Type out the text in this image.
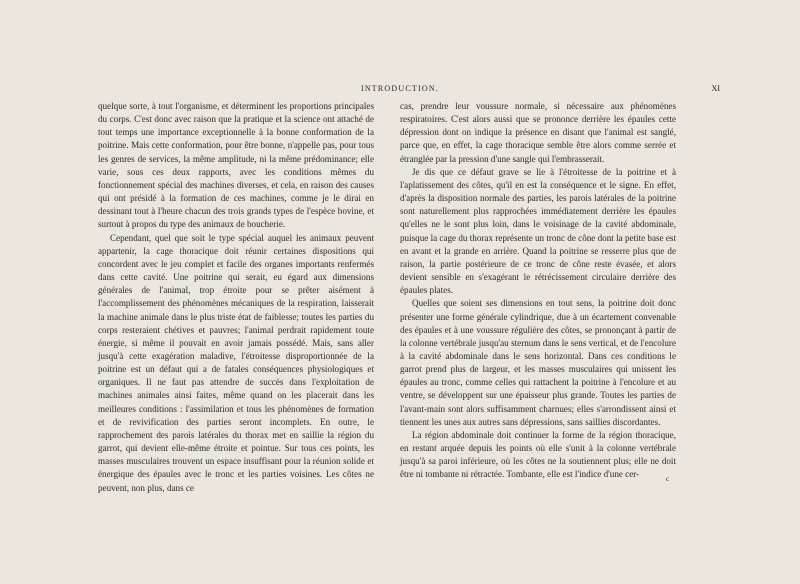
INTRODUCTION.	XI

quelque sorte, à tout l'organisme, et déterminent les proportions principales du corps. C'est donc avec raison que la pratique et la science ont attaché de tout temps une importance exceptionnelle à la bonne conformation de la poitrine. Mais cette conformation, pour être bonne, n'appelle pas, pour tous les genres de services, la même amplitude, ni la même prédominance; elle varie, sous ces deux rapports, avec les conditions mêmes du fonctionnement spécial des machines diverses, et cela, en raison des causes qui ont présidé à la formation de ces machines, comme je le dirai en dessinant tout à l'heure chacun des trois grands types de l'espèce bovine, et surtout à propos du type des animaux de boucherie.

Cependant, quel que soit le type spécial auquel les animaux peuvent appartenir, la cage thoracique doit réunir certaines dispositions qui concordent avec le jeu complet et facile des organes importants renfermés dans cette cavité. Une poitrine qui serait, eu égard aux dimensions générales de l'animal, trop étroite pour se prêter aisément à l'accomplissement des phénomènes mécaniques de la respiration, laisserait la machine animale dans le plus triste état de faiblesse; toutes les parties du corps resteraient chétives et pauvres; l'animal perdrait rapidement toute énergie, si même il pouvait en avoir jamais possédé. Mais, sans aller jusqu'à cette exagération maladive, l'étroitesse disproportionnée de la poitrine est un défaut qui a de fatales conséquences physiologiques et organiques. Il ne faut pas attendre de succès dans l'exploitation de machines animales ainsi faites, même quand on les placerait dans les meilleures conditions : l'assimilation et tous les phénomènes de formation et de revivification des parties seront incomplets. En outre, le rapprochement des parois latérales du thorax met en saillie la région du garrot, qui devient elle-même étroite et pointue. Sur tous ces points, les masses musculaires trouvent un espace insuffisant pour la réunion solide et énergique des épaules avec le tronc et les parties voisines. Les côtes ne peuvent, non plus, dans ce

cas, prendre leur voussure normale, si nécessaire aux phénomènes respiratoires. C'est alors aussi que se prononce derrière les épaules cette dépression dont on indique la présence en disant que l'animal est sanglé, parce que, en effet, la cage thoracique semble être alors comme serrée et étranglée par la pression d'une sangle qui l'embrasserait.

Je dis que ce défaut grave se lie à l'étroitesse de la poitrine et à l'aplatissement des côtes, qu'il en est la conséquence et le signe. En effet, d'après la disposition normale des parties, les parois latérales de la poitrine sont naturellement plus rapprochées immédiatement derrière les épaules qu'elles ne le sont plus loin, dans le voisinage de la cavité abdominale, puisque la cage du thorax représente un tronc de cône dont la petite base est en avant et la grande en arrière. Quand la poitrine se resserre plus que de raison, la partie postérieure de ce tronc de cône reste évasée, et alors devient sensible en s'exagérant le rétrécissement circulaire derrière des épaules plates.

Quelles que soient ses dimensions en tout sens, la poitrine doit donc présenter une forme générale cylindrique, due à un écartement convenable des épaules et à une voussure régulière des côtes, se prononçant à partir de la colonne vertébrale jusqu'au sternum dans le sens vertical, et de l'encolure à la cavité abdominale dans le sens horizontal. Dans ces conditions le garrot prend plus de largeur, et les masses musculaires qui unissent les épaules au tronc, comme celles qui rattachent la poitrine à l'encolure et au ventre, se développent sur une épaisseur plus grande. Toutes les parties de l'avant-main sont alors suffisamment charnues; elles s'arrondissent ainsi et tiennent les unes aux autres sans dépressions, sans saillies discordantes.

La région abdominale doit continuer la forme de la région thoracique, en restant arquée depuis les points où elle s'unit à la colonne vertébrale jusqu'à sa paroi inférieure, où les côtes ne la soutiennent plus; elle ne doit être ni tombante ni rétractée. Tombante, elle est l'indice d'une cer-	c
